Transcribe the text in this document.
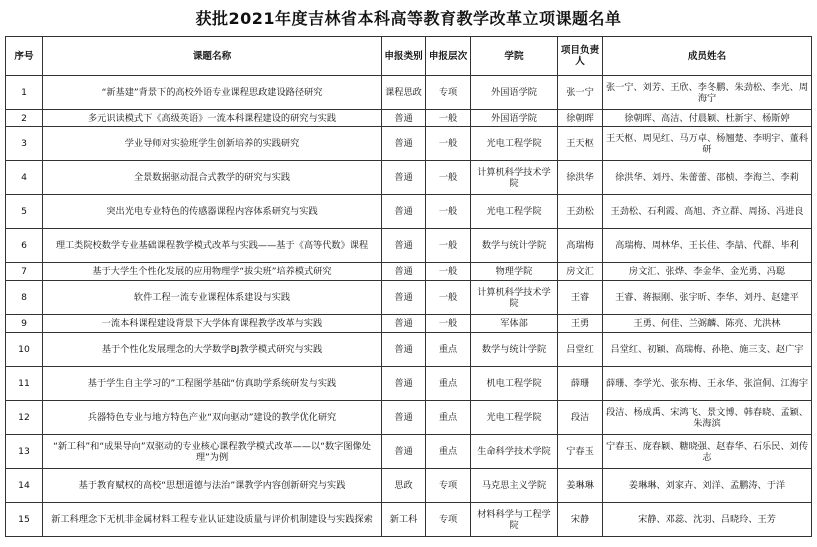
获批2021年度吉林省本科高等教育教学改革立项课题名单
序号	课题名称	申报类别	申报层次	学院	项目负责人	成员姓名
1	“新基建”背景下的高校外语专业课程思政建设路径研究	课程思政	专项	外国语学院	张一宁	张一宁、刘芳、王欣、李冬鹏、朱劲松、李光、周海宁
2	多元识读模式下《高级英语》一流本科课程建设的研究与实践	普通	一般	外国语学院	徐朝晖	徐朝晖、高洁、付晨颖、杜新宇、杨斯婷
3	学业导师对实验班学生创新培养的实践研究	普通	一般	光电工程学院	王天枢	王天枢、周见红、马万卓、杨翘楚、李明宇、董科研
4	全景数据驱动混合式教学的研究与实践	普通	一般	计算机科学技术学院	徐洪华	徐洪华、刘丹、朱蕾蕾、邵桢、李海兰、李莉
5	突出光电专业特色的传感器课程内容体系研究与实践	普通	一般	光电工程学院	王劲松	王劲松、石利霞、高旭、齐立群、周扬、冯进良
6	理工类院校数学专业基础课程教学模式改革与实践——基于《高等代数》课程	普通	一般	数学与统计学院	高瑞梅	高瑞梅、周林华、王长佳、李喆、代群、毕利
7	基于大学生个性化发展的应用物理学“拔尖班”培养模式研究	普通	一般	物理学院	房文汇	房文汇、张烨、李金华、金光勇、冯聪
8	软件工程一流专业课程体系建设与实践	普通	一般	计算机科学技术学院	王睿	王睿、蒋振刚、张宇昕、李华、刘丹、赵建平
9	一流本科课程建设背景下大学体育课程教学改革与实践	普通	一般	军体部	王勇	王勇、何佳、兰弼麟、陈亮、尤洪林
10	基于个性化发展理念的大学数学BJ教学模式研究与实践	普通	重点	数学与统计学院	吕堂红	吕堂红、初颖、高瑞梅、孙艳、施三支、赵广宇
11	基于学生自主学习的”工程图学基础“仿真助学系统研发与实践	普通	重点	机电工程学院	薛珊	薛珊、李学光、张东梅、王永华、张渲侗、江海宇
12	兵器特色专业与地方特色产业“双向驱动”建设的教学优化研究	普通	重点	光电工程学院	段洁	段洁、杨成禹、宋鸿飞、景文博、韩春晓、孟颖、朱海滨
13	“新工科”和“成果导向”双驱动的专业核心课程教学模式改革——以“数字图像处理”为例	普通	重点	生命科学技术学院	宁春玉	宁春玉、庞春颖、糖晓强、赵春华、石乐民、刘传志
14	基于教育赋权的高校“思想道德与法治”课教学内容创新研究与实践	思政	专项	马克思主义学院	姜琳琳	姜琳琳、刘家卉、刘洋、孟鹏涛、于洋
15	新工科理念下无机非金属材料工程专业认证建设质量与评价机制建设与实践探索	新工科	专项	材料科学与工程学院	宋静	宋静、邓蕊、沈羽、吕晓玲、王芳
